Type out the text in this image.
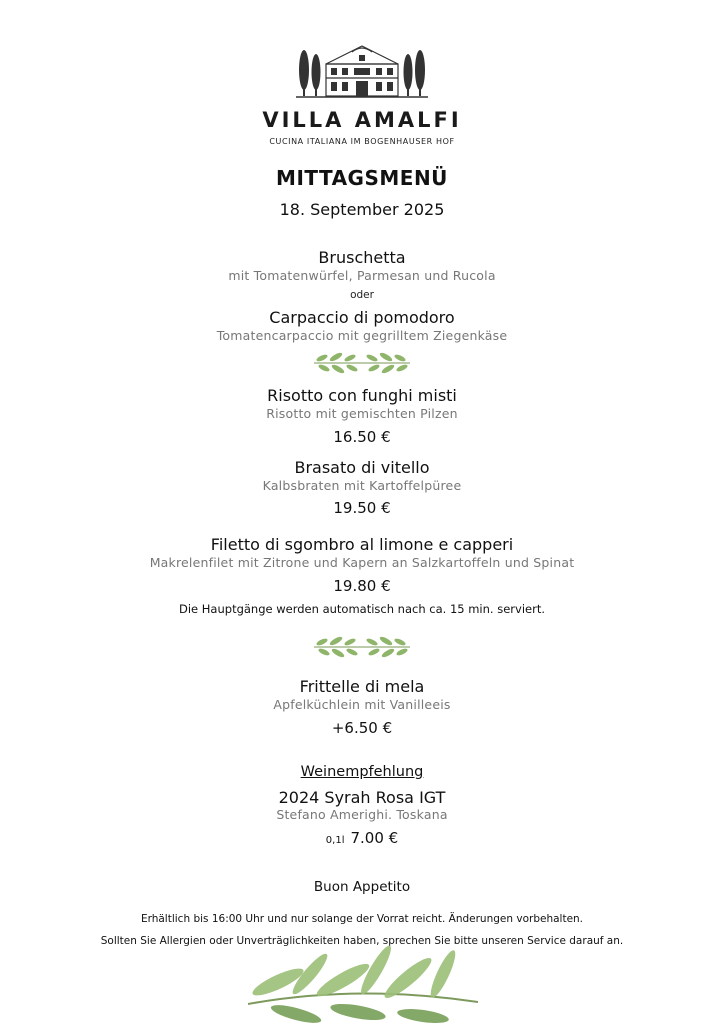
VILLA AMALFI
CUCINA ITALIANA IM BOGENHAUSER HOF
MITTAGSMENÜ
18. September 2025
Bruschetta
mit Tomatenwürfel, Parmesan und Rucola
oder
Carpaccio di pomodoro
Tomatencarpaccio mit gegrilltem Ziegenkäse
Risotto con funghi misti
Risotto mit gemischten Pilzen
16.50 €
Brasato di vitello
Kalbsbraten mit Kartoffelpüree
19.50 €
Filetto di sgombro al limone e capperi
Makrelenfilet mit Zitrone und Kapern an Salzkartoffeln und Spinat
19.80 €
Die Hauptgänge werden automatisch nach ca. 15 min. serviert.
Frittelle di mela
Apfelküchlein mit Vanilleeis
+6.50 €
Weinempfehlung
2024 Syrah Rosa IGT
Stefano Amerighi. Toskana
0,1l 7.00 €
Buon Appetito
Erhältlich bis 16:00 Uhr und nur solange der Vorrat reicht. Änderungen vorbehalten.
Sollten Sie Allergien oder Unverträglichkeiten haben, sprechen Sie bitte unseren Service darauf an.
